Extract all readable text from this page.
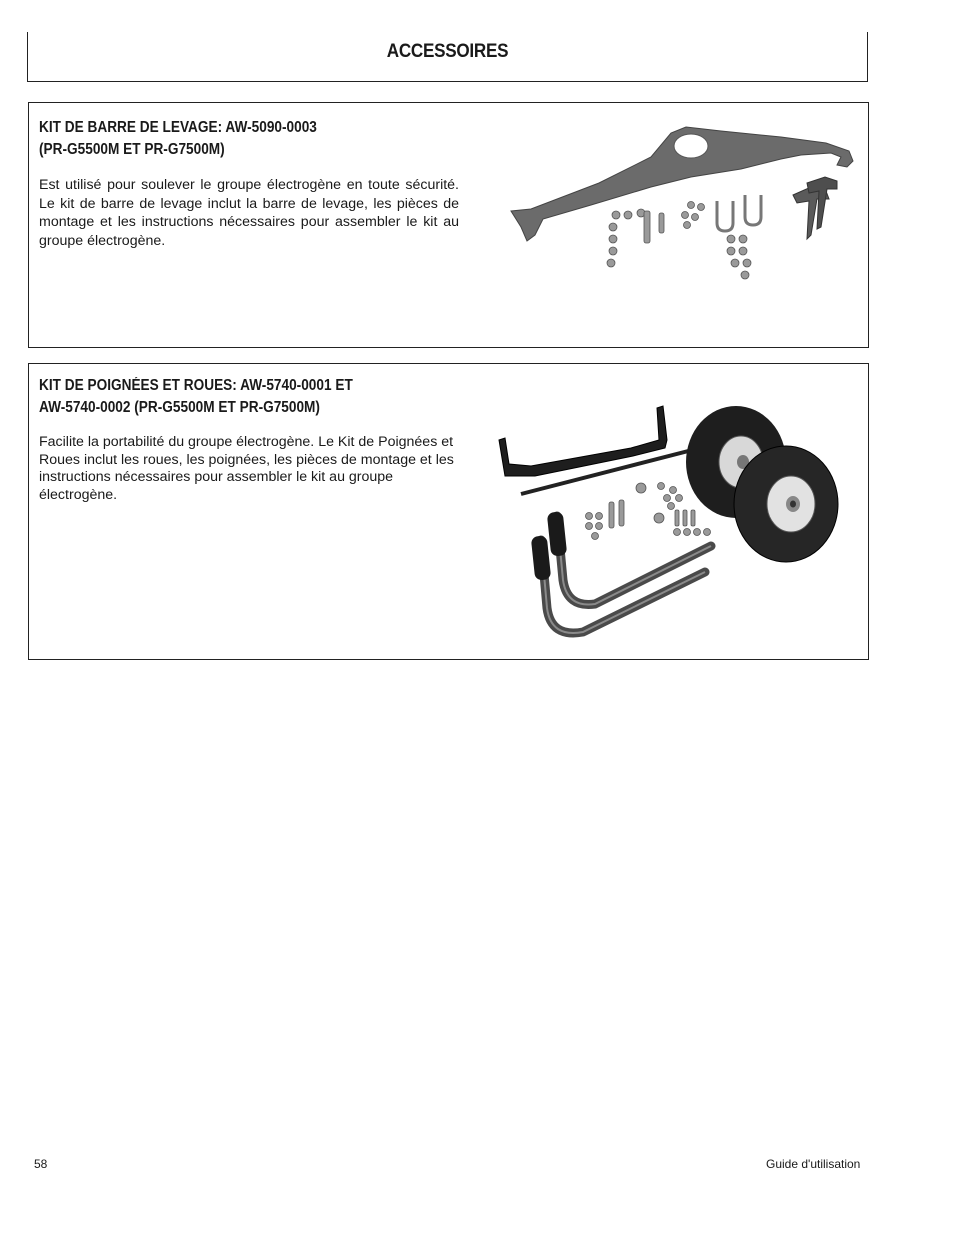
ACCESSOIRES
KIT DE BARRE DE LEVAGE: AW-5090-0003
(PR-G5500M ET PR-G7500M)
Est utilisé pour soulever le groupe électrogène en toute sécurité. Le kit de barre de levage inclut la barre de levage, les pièces de montage et les instructions nécessaires pour assembler le kit au groupe électrogène.
KIT DE POIGNÉES ET ROUES: AW-5740-0001 ET
AW-5740-0002 (PR-G5500M ET PR-G7500M)
Facilite la portabilité du groupe électrogène. Le Kit de Poignées et Roues inclut les roues, les poignées, les pièces de montage et les instructions nécessaires pour assembler le kit au groupe électrogène.
58	Guide d'utilisation
